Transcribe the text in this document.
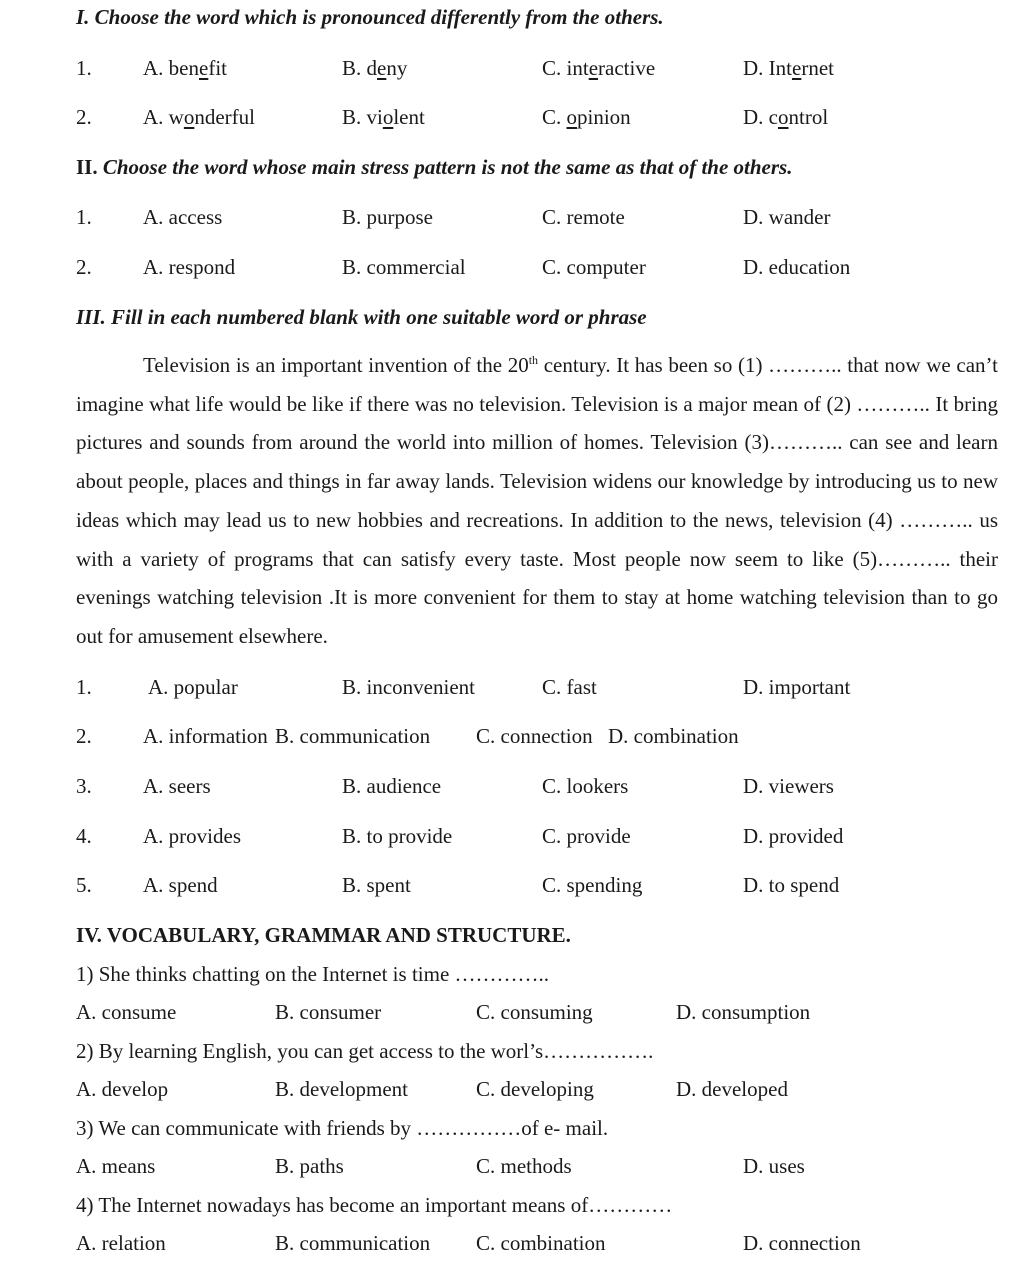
I. Choose the word which is pronounced differently from the others.
1. A. benefit	B. deny	C. interactive	D. Internet
2. A. wonderful	B. violent	C. opinion	D. control
II. Choose the word whose main stress pattern is not the same as that of the others.
1. A. access	B. purpose	C. remote	D. wander
2. A. respond	B. commercial	C. computer	D. education
III. Fill in each numbered blank with one suitable word or phrase
Television is an important invention of the 20th century. It has been so (1) ……….. that now we can’t imagine what life would be like if there was no television. Television is a major mean of (2) ……….. It bring pictures and sounds from around the world into million of homes. Television (3)……….. can see and learn about people, places and things in far away lands. Television widens our knowledge by introducing us to new ideas which may lead us to new hobbies and recreations. In addition to the news, television (4) ……….. us with a variety of programs that can satisfy every taste. Most people now seem to like (5)……….. their evenings watching television .It is more convenient for them to stay at home watching television than to go out for amusement elsewhere.
1.	A. popular	B. inconvenient	C. fast	D. important
2. A. information B. communication C. connection D. combination
3. A. seers	B. audience	C. lookers	D. viewers
4. A. provides	B. to provide	C. provide	D. provided
5. A. spend	B. spent	C. spending	D. to spend
IV. VOCABULARY, GRAMMAR AND STRUCTURE.
1) She thinks chatting on the Internet is time …………..
A. consume	B. consumer	C. consuming	D. consumption
2) By learning English, you can get access to the worl’s…………….
A. develop	B. development	C. developing	D. developed
3) We can communicate with friends by ……………of e- mail.
A. means	B. paths	C. methods	D. uses
4) The Internet nowadays has become an important means of…………
A. relation	B. communication C. combination	D. connection
